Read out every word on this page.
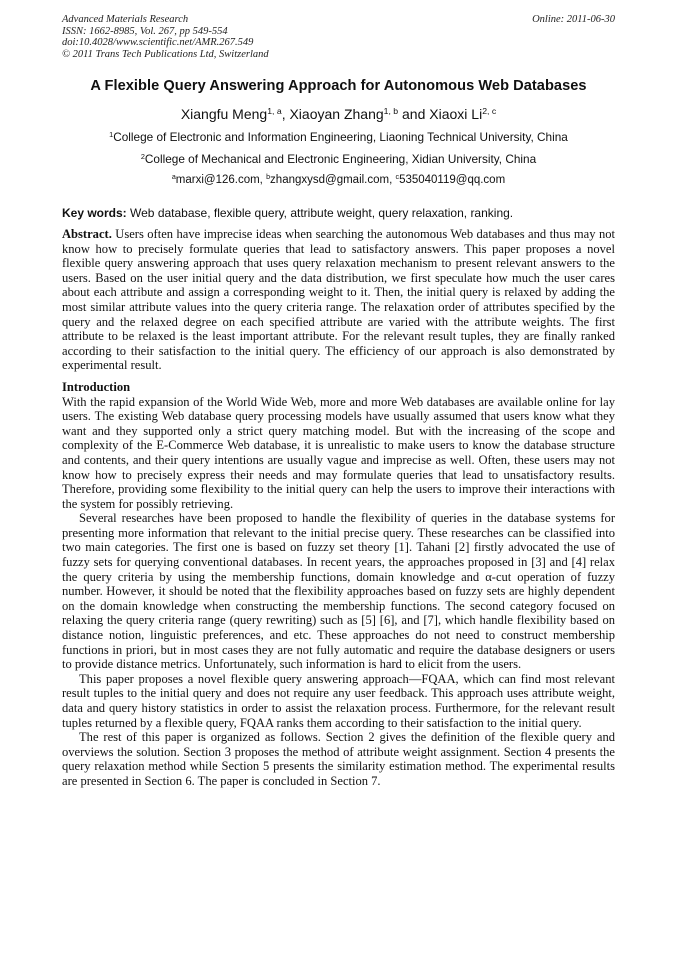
Advanced Materials Research
ISSN: 1662-8985, Vol. 267, pp 549-554
doi:10.4028/www.scientific.net/AMR.267.549
© 2011 Trans Tech Publications Ltd, Switzerland
Online: 2011-06-30
A Flexible Query Answering Approach for Autonomous Web Databases
Xiangfu Meng$^{1, a}$, Xiaoyan Zhang$^{1, b}$ and Xiaoxi Li$^{2, c}$
$^1$College of Electronic and Information Engineering, Liaoning Technical University, China
$^2$College of Mechanical and Electronic Engineering, Xidian University, China
$^a$marxi@126.com, $^b$zhangxysd@gmail.com, $^c$535040119@qq.com
Key words: Web database, flexible query, attribute weight, query relaxation, ranking.

Abstract. Users often have imprecise ideas when searching the autonomous Web databases and thus may not know how to precisely formulate queries that lead to satisfactory answers. This paper proposes a novel flexible query answering approach that uses query relaxation mechanism to present relevant answers to the users. Based on the user initial query and the data distribution, we first speculate how much the user cares about each attribute and assign a corresponding weight to it. Then, the initial query is relaxed by adding the most similar attribute values into the query criteria range. The relaxation order of attributes specified by the query and the relaxed degree on each specified attribute are varied with the attribute weights. The first attribute to be relaxed is the least important attribute. For the relevant result tuples, they are finally ranked according to their satisfaction to the initial query. The efficiency of our approach is also demonstrated by experimental result.

Introduction

With the rapid expansion of the World Wide Web, more and more Web databases are available online for lay users. The existing Web database query processing models have usually assumed that users know what they want and they supported only a strict query matching model. But with the increasing of the scope and complexity of the E-Commerce Web database, it is unrealistic to make users to know the database structure and contents, and their query intentions are usually vague and imprecise as well. Often, these users may not know how to precisely express their needs and may formulate queries that lead to unsatisfactory results. Therefore, providing some flexibility to the initial query can help the users to improve their interactions with the system for possibly retrieving.

Several researches have been proposed to handle the flexibility of queries in the database systems for presenting more information that relevant to the initial precise query. These researches can be classified into two main categories. The first one is based on fuzzy set theory [1]. Tahani [2] firstly advocated the use of fuzzy sets for querying conventional databases. In recent years, the approaches proposed in [3] and [4] relax the query criteria by using the membership functions, domain knowledge and α-cut operation of fuzzy number. However, it should be noted that the flexibility approaches based on fuzzy sets are highly dependent on the domain knowledge when constructing the membership functions. The second category focused on relaxing the query criteria range (query rewriting) such as [5] [6], and [7], which handle flexibility based on distance notion, linguistic preferences, and etc. These approaches do not need to construct membership functions in priori, but in most cases they are not fully automatic and require the database designers or users to provide distance metrics. Unfortunately, such information is hard to elicit from the users.

This paper proposes a novel flexible query answering approach—FQAA, which can find most relevant result tuples to the initial query and does not require any user feedback. This approach uses attribute weight, data and query history statistics in order to assist the relaxation process. Furthermore, for the relevant result tuples returned by a flexible query, FQAA ranks them according to their satisfaction to the initial query.

The rest of this paper is organized as follows. Section 2 gives the definition of the flexible query and overviews the solution. Section 3 proposes the method of attribute weight assignment. Section 4 presents the query relaxation method while Section 5 presents the similarity estimation method. The experimental results are presented in Section 6. The paper is concluded in Section 7.
